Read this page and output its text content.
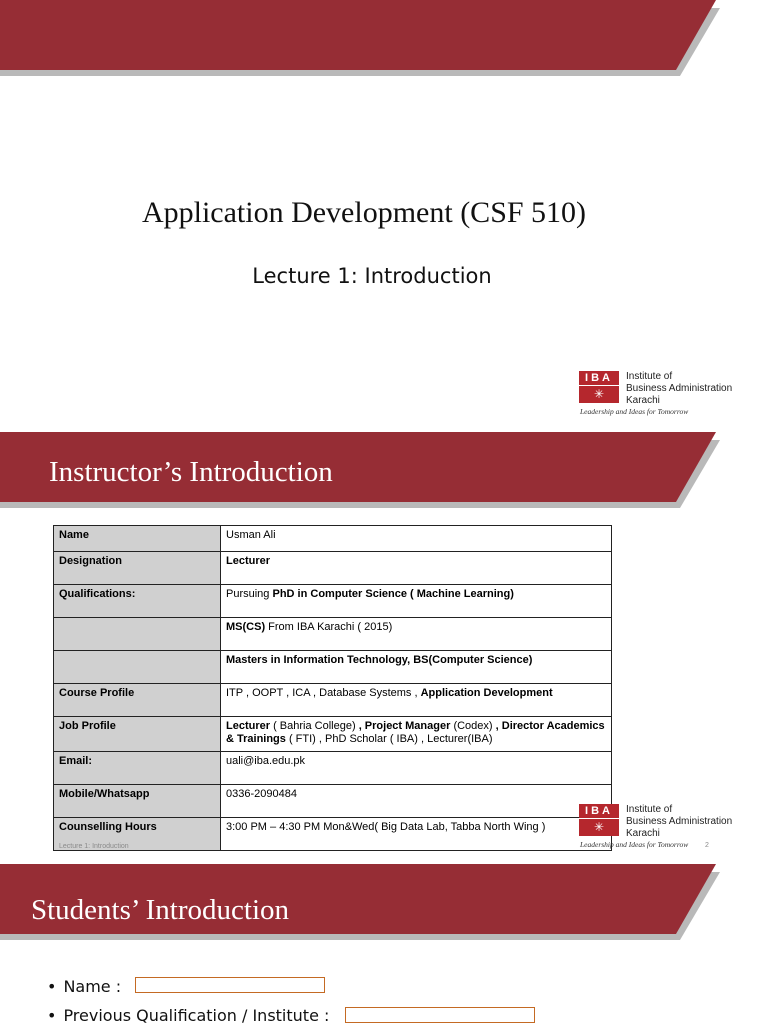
Application Development (CSF 510)
Lecture 1: Introduction
IBA
✳
Institute of
Business Administration
Karachi
Leadership and Ideas for Tomorrow
Instructor’s Introduction
Name	Usman Ali
Designation	Lecturer
Qualifications:	Pursuing PhD in Computer Science ( Machine Learning)
	MS(CS) From IBA Karachi ( 2015)
	Masters in Information Technology, BS(Computer Science)
Course Profile	ITP , OOPT , ICA , Database Systems , Application Development
Job Profile	Lecturer ( Bahria College) , Project Manager (Codex) , Director Academics & Trainings ( FTI) , PhD Scholar ( IBA) , Lecturer(IBA)
Email:	uali@iba.edu.pk
Mobile/Whatsapp	0336-2090484
Counselling Hours	3:00 PM – 4:30 PM Mon&Wed( Big Data Lab, Tabba North Wing )
Lecture 1: Introduction	2
IBA
✳
Institute of
Business Administration
Karachi
Leadership and Ideas for Tomorrow
Students’ Introduction
• Name :
• Previous Qualification / Institute :
